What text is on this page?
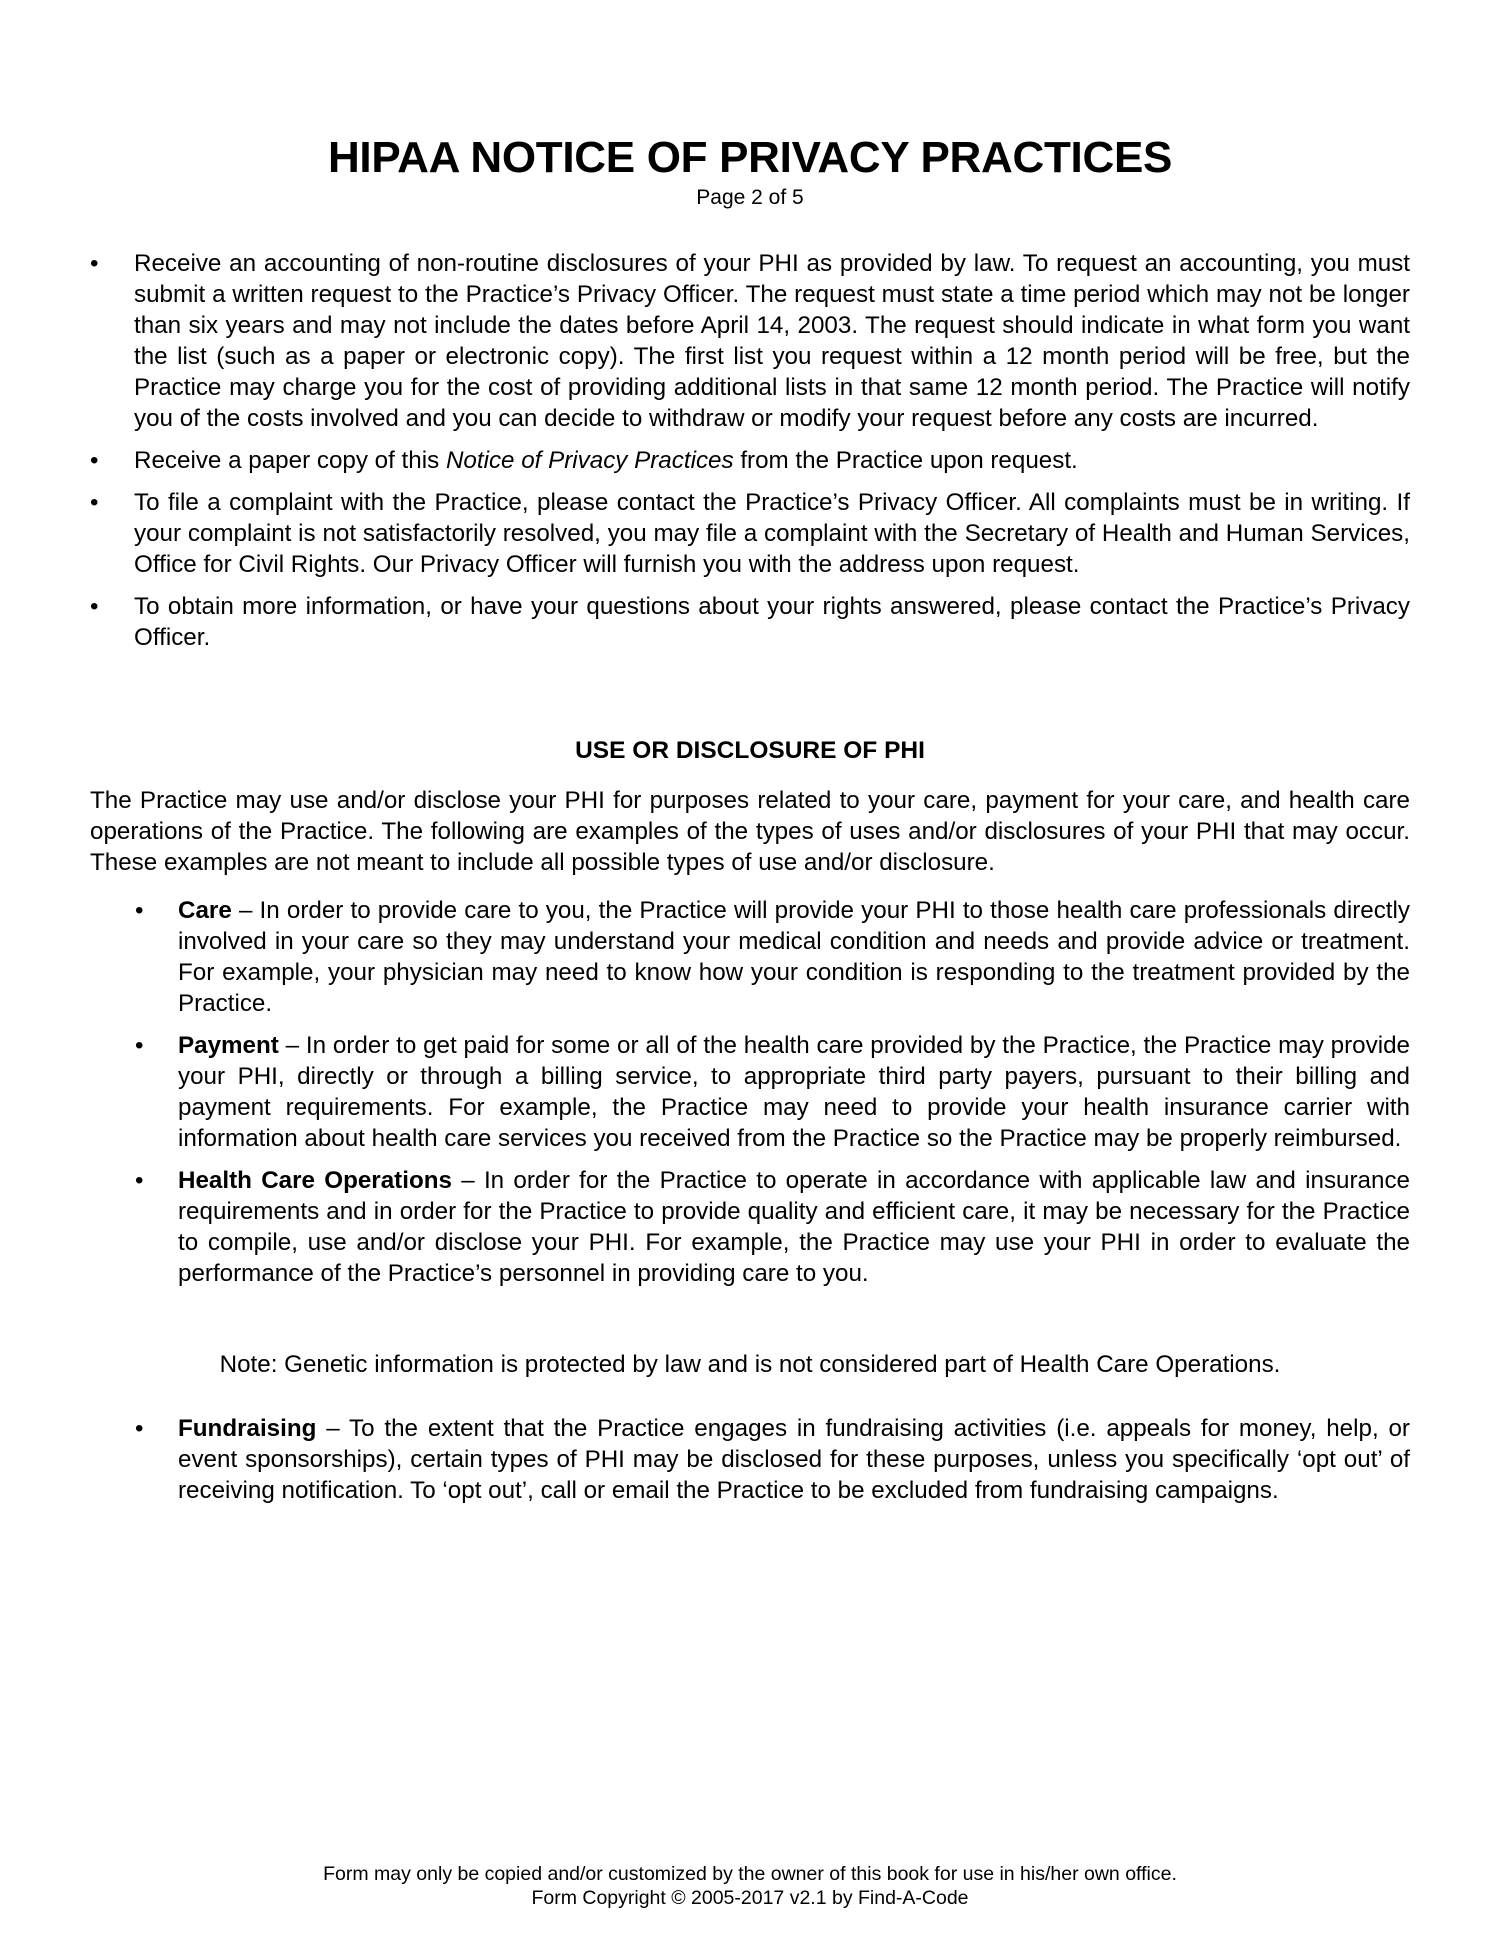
HIPAA NOTICE OF PRIVACY PRACTICES
Page 2 of 5
• Receive an accounting of non-routine disclosures of your PHI as provided by law. To request an accounting, you must submit a written request to the Practice’s Privacy Officer. The request must state a time period which may not be longer than six years and may not include the dates before April 14, 2003. The request should indicate in what form you want the list (such as a paper or electronic copy). The first list you request within a 12 month period will be free, but the Practice may charge you for the cost of providing additional lists in that same 12 month period. The Practice will notify you of the costs involved and you can decide to withdraw or modify your request before any costs are incurred.
• Receive a paper copy of this Notice of Privacy Practices from the Practice upon request.
• To file a complaint with the Practice, please contact the Practice’s Privacy Officer. All complaints must be in writing. If your complaint is not satisfactorily resolved, you may file a complaint with the Secretary of Health and Human Services, Office for Civil Rights. Our Privacy Officer will furnish you with the address upon request.
• To obtain more information, or have your questions about your rights answered, please contact the Practice’s Privacy Officer.
USE OR DISCLOSURE OF PHI

The Practice may use and/or disclose your PHI for purposes related to your care, payment for your care, and health care operations of the Practice. The following are examples of the types of uses and/or disclosures of your PHI that may occur. These examples are not meant to include all possible types of use and/or disclosure.

• Care – In order to provide care to you, the Practice will provide your PHI to those health care professionals directly involved in your care so they may understand your medical condition and needs and provide advice or treatment. For example, your physician may need to know how your condition is responding to the treatment provided by the Practice.
• Payment – In order to get paid for some or all of the health care provided by the Practice, the Practice may provide your PHI, directly or through a billing service, to appropriate third party payers, pursuant to their billing and payment requirements. For example, the Practice may need to provide your health insurance carrier with information about health care services you received from the Practice so the Practice may be properly reimbursed.
• Health Care Operations – In order for the Practice to operate in accordance with applicable law and insurance requirements and in order for the Practice to provide quality and efficient care, it may be necessary for the Practice to compile, use and/or disclose your PHI. For example, the Practice may use your PHI in order to evaluate the performance of the Practice’s personnel in providing care to you.
Note: Genetic information is protected by law and is not considered part of Health Care Operations.
• Fundraising – To the extent that the Practice engages in fundraising activities (i.e. appeals for money, help, or event sponsorships), certain types of PHI may be disclosed for these purposes, unless you specifically ‘opt out’ of receiving notification. To ‘opt out’, call or email the Practice to be excluded from fundraising campaigns.
Form may only be copied and/or customized by the owner of this book for use in his/her own office.
Form Copyright © 2005-2017 v2.1 by Find-A-Code
